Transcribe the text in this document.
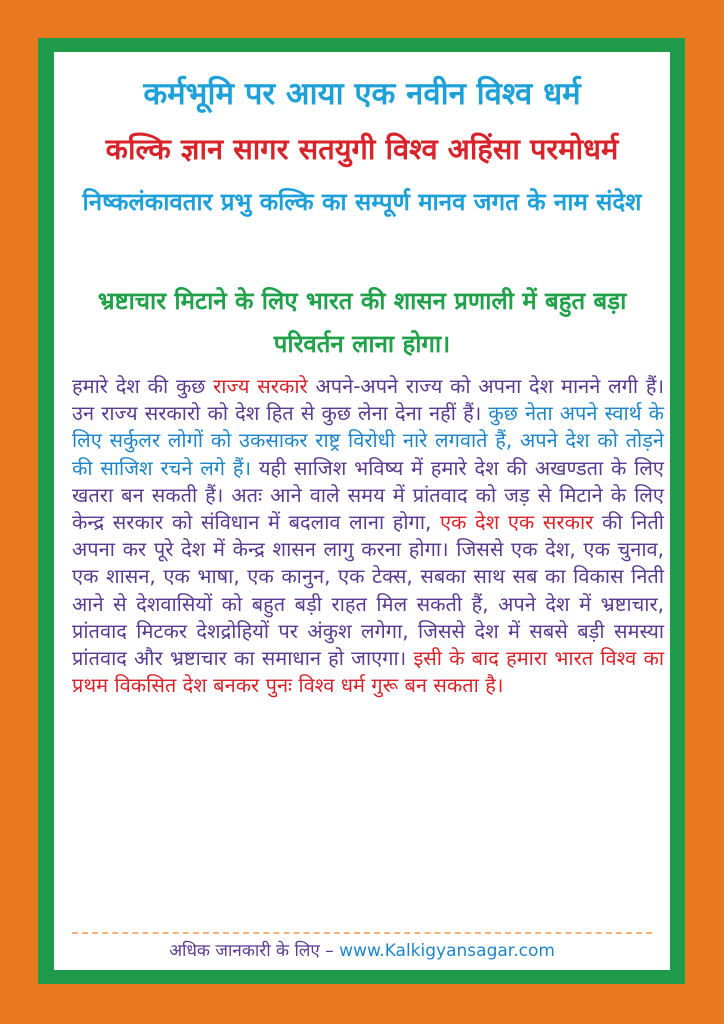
कर्मभूमि पर आया एक नवीन विश्व धर्म
कल्कि ज्ञान सागर सतयुगी विश्व अहिंसा परमोधर्म
निष्कलंकावतार प्रभु कल्कि का सम्पूर्ण मानव जगत के नाम संदेश
भ्रष्टाचार मिटाने के लिए भारत की शासन प्रणाली में बहुत बड़ा परिवर्तन लाना होगा।
हमारे देश की कुछ राज्य सरकारे अपने-अपने राज्य को अपना देश मानने लगी हैं। उन राज्य सरकारो को देश हित से कुछ लेना देना नहीं हैं। कुछ नेता अपने स्वार्थ के लिए सर्कुलर लोगों को उकसाकर राष्ट्र विरोधी नारे लगवाते हैं, अपने देश को तोड़ने की साजिश रचने लगे हैं। यही साजिश भविष्य में हमारे देश की अखण्डता के लिए खतरा बन सकती हैं। अतः आने वाले समय में प्रांतवाद को जड़ से मिटाने के लिए केन्द्र सरकार को संविधान में बदलाव लाना होगा, एक देश एक सरकार की निती अपना कर पूरे देश में केन्द्र शासन लागु करना होगा। जिससे एक देश, एक चुनाव, एक शासन, एक भाषा, एक कानुन, एक टेक्स, सबका साथ सब का विकास निती आने से देशवासियों को बहुत बड़ी राहत मिल सकती हैं, अपने देश में भ्रष्टाचार, प्रांतवाद मिटकर देशद्रोहियों पर अंकुश लगेगा, जिससे देश में सबसे बड़ी समस्या प्रांतवाद और भ्रष्टाचार का समाधान हो जाएगा। इसी के बाद हमारा भारत विश्व का प्रथम विकसित देश बनकर पुनः विश्व धर्म गुरू बन सकता है।
अधिक जानकारी के लिए – www.Kalkigyansagar.com
